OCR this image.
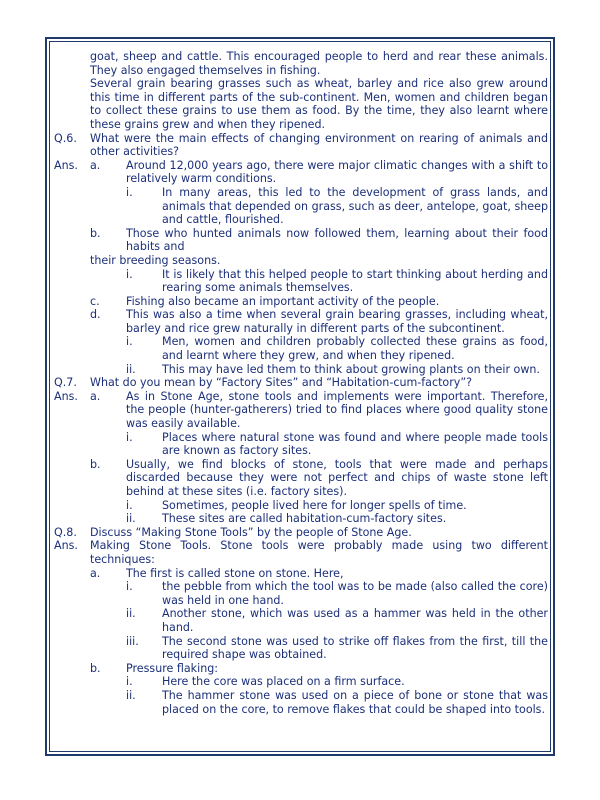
goat, sheep and cattle. This encouraged people to herd and rear these animals. They also engaged themselves in fishing.
Several grain bearing grasses such as wheat, barley and rice also grew around this time in different parts of the sub-continent. Men, women and children began to collect these grains to use them as food. By the time, they also learnt where these grains grew and when they ripened.
Q.6. What were the main effects of changing environment on rearing of animals and other activities?
Ans. a. Around 12,000 years ago, there were major climatic changes with a shift to relatively warm conditions.
i.	In many areas, this led to the development of grass lands, and animals that depended on grass, such as deer, antelope, goat, sheep and cattle, flourished.
b. Those who hunted animals now followed them, learning about their food habits and
their breeding seasons.
i.	It is likely that this helped people to start thinking about herding and rearing some animals themselves.
c. Fishing also became an important activity of the people.
d. This was also a time when several grain bearing grasses, including wheat, barley and rice grew naturally in different parts of the subcontinent.
i.	Men, women and children probably collected these grains as food, and learnt where they grew, and when they ripened.
ii. This may have led them to think about growing plants on their own.
Q.7. What do you mean by “Factory Sites” and “Habitation-cum-factory”?
Ans. a. As in Stone Age, stone tools and implements were important. Therefore, the people (hunter-gatherers) tried to find places where good quality stone was easily available.
i.	Places where natural stone was found and where people made tools are known as factory sites.
b. Usually, we find blocks of stone, tools that were made and perhaps discarded because they were not perfect and chips of waste stone left behind at these sites (i.e. factory sites).
i.	Sometimes, people lived here for longer spells of time.
ii. These sites are called habitation-cum-factory sites.
Q.8. Discuss “Making Stone Tools” by the people of Stone Age.
Ans. Making Stone Tools. Stone tools were probably made using two different techniques:
a. The first is called stone on stone. Here,
i.	the pebble from which the tool was to be made (also called the core) was held in one hand.
ii. Another stone, which was used as a hammer was held in the other hand.
iii. The second stone was used to strike off flakes from the first, till the required shape was obtained.
b. Pressure flaking:
i.	Here the core was placed on a firm surface.
ii. The hammer stone was used on a piece of bone or stone that was placed on the core, to remove flakes that could be shaped into tools.
